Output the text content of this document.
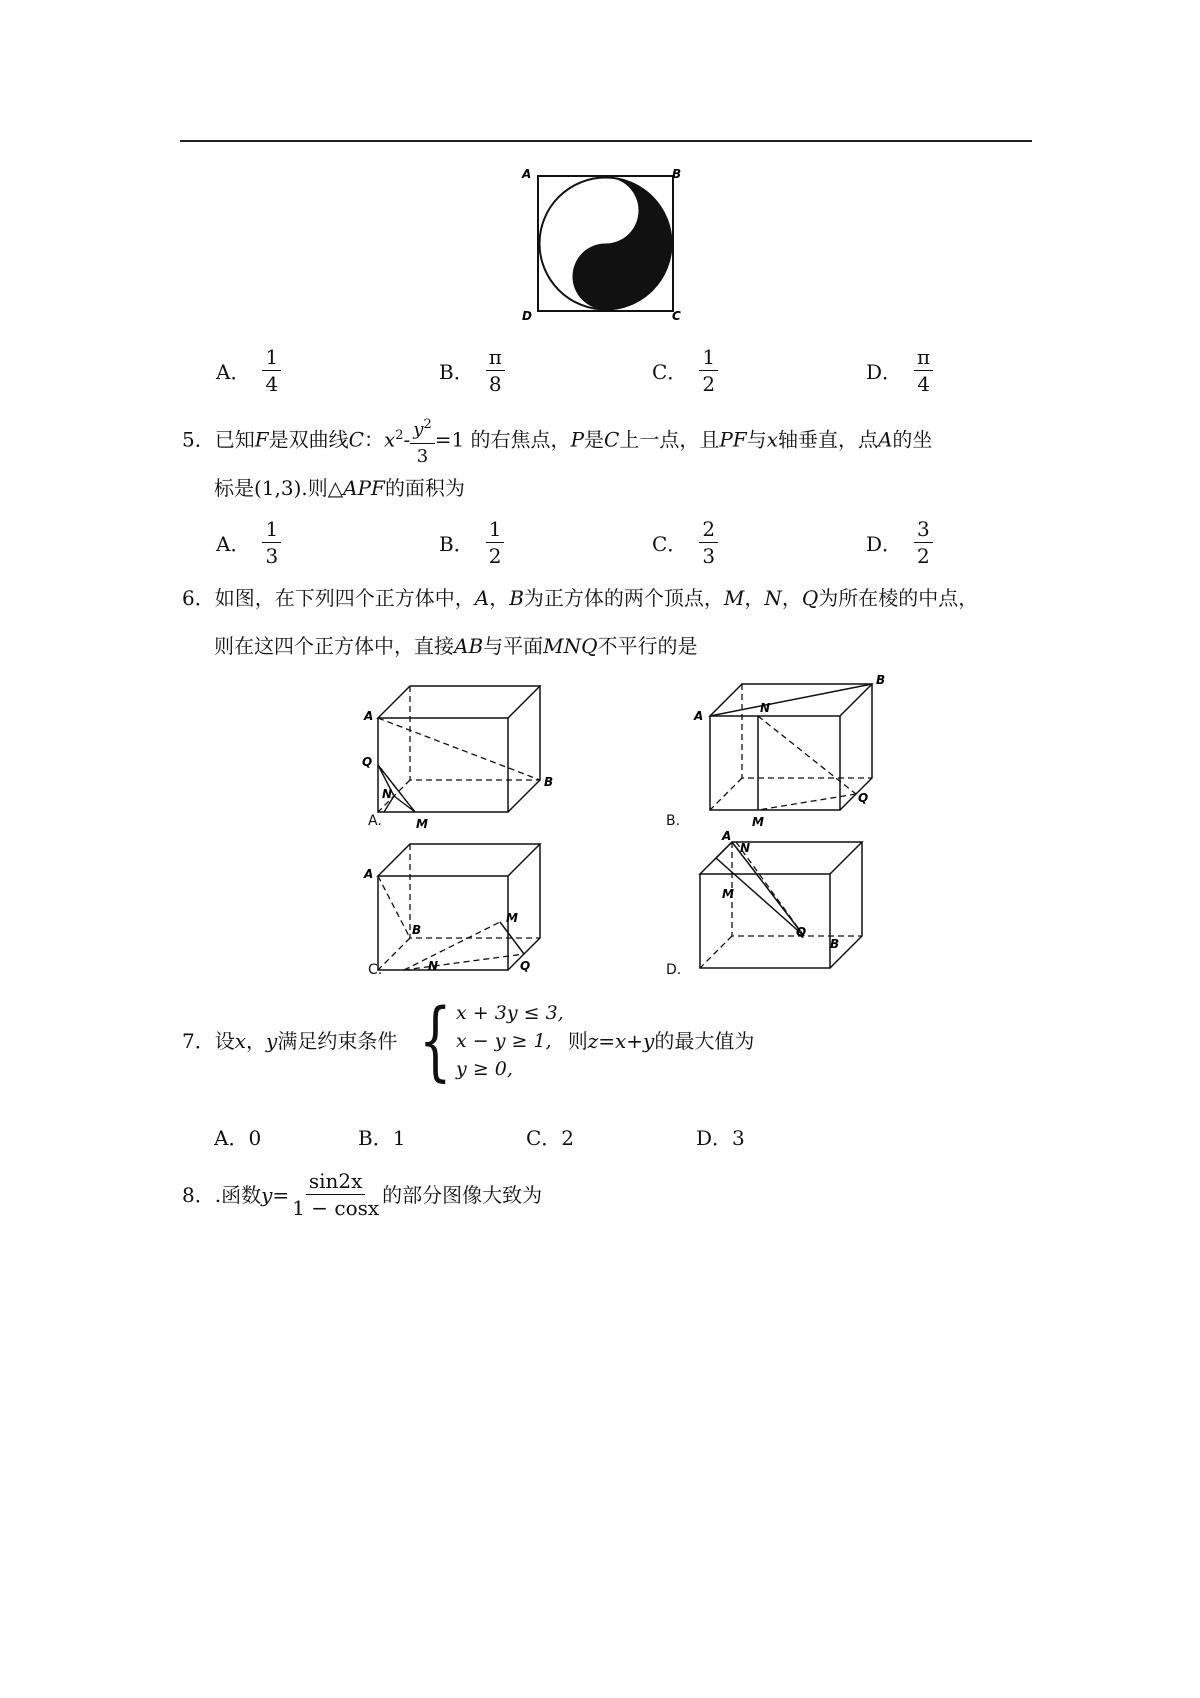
A	B
D	C
A． $\frac{1}{4}$	B． $\frac{\pi}{8}$	C． $\frac{1}{2}$	D． $\frac{\pi}{4}$
5．已知F是双曲线C：$x^2- \frac{y^2}{3} =1$ 的右焦点，P是C上一点，且PF与x轴垂直，点A的坐
标是(1,3).则△APF的面积为
A． $\frac{1}{3}$	B． $\frac{1}{2}$	C． $\frac{2}{3}$	D． $\frac{3}{2}$
6．如图，在下列四个正方体中，A，B为正方体的两个顶点，M，N，Q为所在棱的中点，
则在这四个正方体中，直接AB与平面MNQ不平行的是
A
Q
N
M
B
A.
A
N
B
M
Q
B.
A
B
M
Q
N
C.
A
N
M
Q
B
D.
7． 设 x ， y 满足约束条件 { x + 3y ≤ 3,
x − y ≥ 1,
y ≥ 0,
则 z=x+y 的最大值为
A．0	B．1	C．2	D．3
8． .函数 $y = \frac{\sin 2x}{1 - \cos x}$ 的部分图像大致为
